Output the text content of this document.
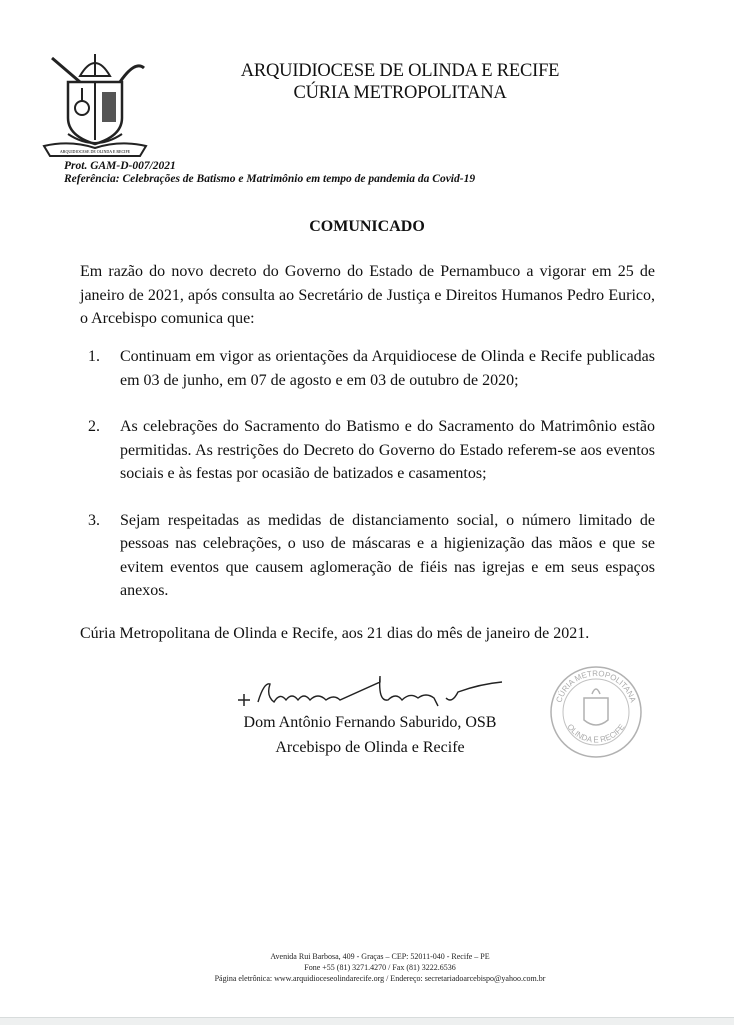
ARQUIDIOCESE DE OLINDA E RECIFE
ARQUIDIOCESE DE OLINDA E RECIFE
CÚRIA METROPOLITANA
Prot. GAM-D-007/2021
Referência: Celebrações de Batismo e Matrimônio em tempo de pandemia da Covid-19
COMUNICADO
Em razão do novo decreto do Governo do Estado de Pernambuco a vigorar em 25 de janeiro de 2021, após consulta ao Secretário de Justiça e Direitos Humanos Pedro Eurico, o Arcebispo comunica que:
1.	Continuam em vigor as orientações da Arquidiocese de Olinda e Recife publicadas em 03 de junho, em 07 de agosto e em 03 de outubro de 2020;
2.	As celebrações do Sacramento do Batismo e do Sacramento do Matrimônio estão permitidas. As restrições do Decreto do Governo do Estado referem-se aos eventos sociais e às festas por ocasião de batizados e casamentos;
3.	Sejam respeitadas as medidas de distanciamento social, o número limitado de pessoas nas celebrações, o uso de máscaras e a higienização das mãos e que se evitem eventos que causem aglomeração de fiéis nas igrejas e em seus espaços anexos.
Cúria Metropolitana de Olinda e Recife, aos 21 dias do mês de janeiro de 2021.
Dom Antônio Fernando Saburido, OSB
Arcebispo de Olinda e Recife
CÚRIA METROPOLITANA
OLINDA E RECIFE
Avenida Rui Barbosa, 409 - Graças – CEP: 52011-040 - Recife – PE
Fone +55 (81) 3271.4270 / Fax (81) 3222.6536
Página eletrônica: www.arquidioceseolindarecife.org / Endereço: secretariadoarcebispo@yahoo.com.br
